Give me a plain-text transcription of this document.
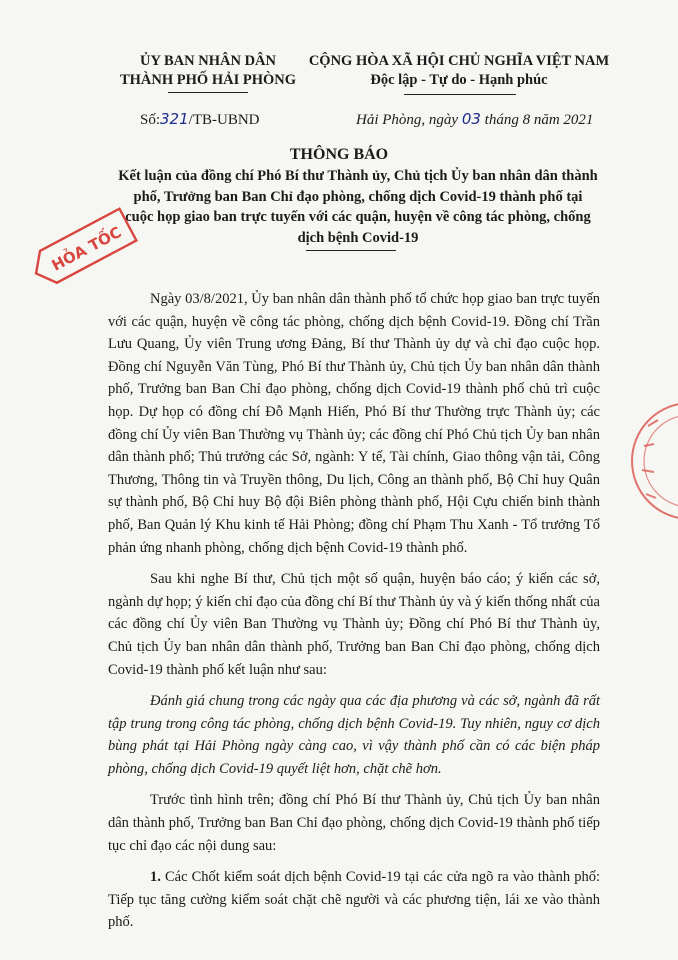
ỦY BAN NHÂN DÂN
THÀNH PHỐ HẢI PHÒNG
CỘNG HÒA XÃ HỘI CHỦ NGHĨA VIỆT NAM
Độc lập - Tự do - Hạnh phúc
Số:321/TB-UBND	Hải Phòng, ngày 03 tháng 8 năm 2021
THÔNG BÁO
Kết luận của đồng chí Phó Bí thư Thành ủy, Chủ tịch Ủy ban nhân dân thành phố, Trưởng ban Ban Chỉ đạo phòng, chống dịch Covid-19 thành phố tại cuộc họp giao ban trực tuyến với các quận, huyện về công tác phòng, chống dịch bệnh Covid-19
HỎA TỐC

Ngày 03/8/2021, Ủy ban nhân dân thành phố tổ chức họp giao ban trực tuyến với các quận, huyện về công tác phòng, chống dịch bệnh Covid-19. Đồng chí Trần Lưu Quang, Ủy viên Trung ương Đảng, Bí thư Thành ủy dự và chỉ đạo cuộc họp. Đồng chí Nguyễn Văn Tùng, Phó Bí thư Thành ủy, Chủ tịch Ủy ban nhân dân thành phố, Trưởng ban Ban Chỉ đạo phòng, chống dịch Covid-19 thành phố chủ trì cuộc họp. Dự họp có đồng chí Đỗ Mạnh Hiến, Phó Bí thư Thường trực Thành ủy; các đồng chí Ủy viên Ban Thường vụ Thành ủy; các đồng chí Phó Chủ tịch Ủy ban nhân dân thành phố; Thủ trưởng các Sở, ngành: Y tế, Tài chính, Giao thông vận tải, Công Thương, Thông tin và Truyền thông, Du lịch, Công an thành phố, Bộ Chỉ huy Quân sự thành phố, Bộ Chỉ huy Bộ đội Biên phòng thành phố, Hội Cựu chiến binh thành phố, Ban Quản lý Khu kinh tế Hải Phòng; đồng chí Phạm Thu Xanh - Tổ trưởng Tổ phản ứng nhanh phòng, chống dịch bệnh Covid-19 thành phố.

Sau khi nghe Bí thư, Chủ tịch một số quận, huyện báo cáo; ý kiến các sở, ngành dự họp; ý kiến chỉ đạo của đồng chí Bí thư Thành ủy và ý kiến thống nhất của các đồng chí Ủy viên Ban Thường vụ Thành ủy; Đồng chí Phó Bí thư Thành ủy, Chủ tịch Ủy ban nhân dân thành phố, Trưởng ban Ban Chỉ đạo phòng, chống dịch Covid-19 thành phố kết luận như sau:

Đánh giá chung trong các ngày qua các địa phương và các sở, ngành đã rất tập trung trong công tác phòng, chống dịch bệnh Covid-19. Tuy nhiên, nguy cơ dịch bùng phát tại Hải Phòng ngày càng cao, vì vậy thành phố cần có các biện pháp phòng, chống dịch Covid-19 quyết liệt hơn, chặt chẽ hơn.

Trước tình hình trên; đồng chí Phó Bí thư Thành ủy, Chủ tịch Ủy ban nhân dân thành phố, Trưởng ban Ban Chỉ đạo phòng, chống dịch Covid-19 thành phố tiếp tục chỉ đạo các nội dung sau:

1. Các Chốt kiểm soát dịch bệnh Covid-19 tại các cửa ngõ ra vào thành phố: Tiếp tục tăng cường kiểm soát chặt chẽ người và các phương tiện, lái xe vào thành phố.
